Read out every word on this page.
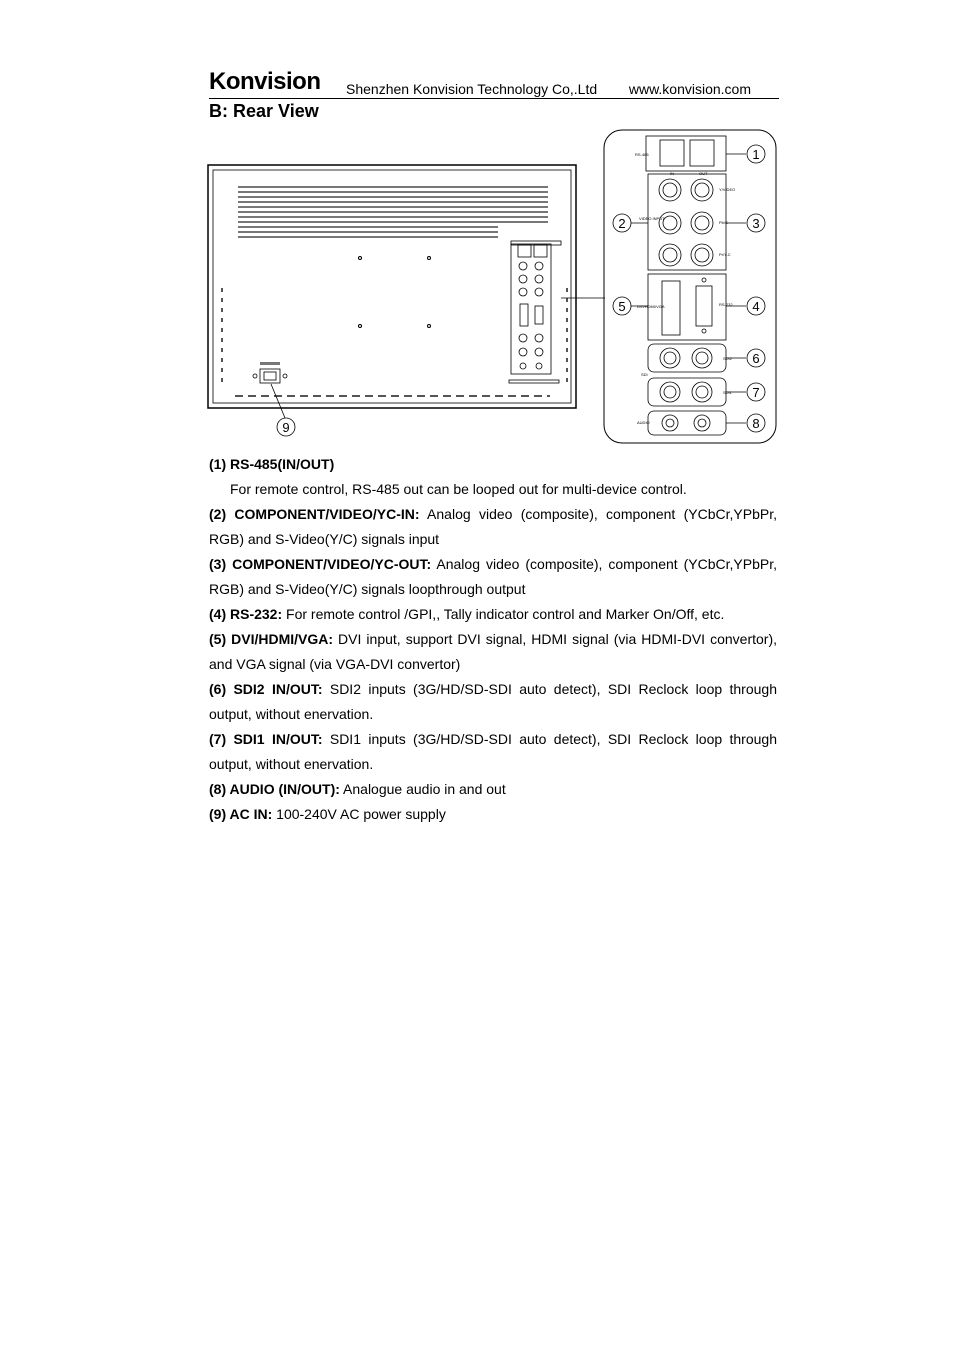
Konvision Shenzhen Konvision Technology Co,.Ltd www.konvision.com
B: Rear View
9
RS-485
IN	OUT
VIDEO INPUT
Y/VIDEO
Pb/C
Pr/Y-C
DVI/HDMI/VGA	RS-232
SDI2
SDI
SDI1
AUDIO
1
2	3
4
5
6
7
8

(1) RS-485(IN/OUT)

For remote control, RS-485 out can be looped out for multi-device control.

(2) COMPONENT/VIDEO/YC-IN: Analog video (composite), component (YCbCr,YPbPr, RGB) and S-Video(Y/C) signals input

(3) COMPONENT/VIDEO/YC-OUT: Analog video (composite), component (YCbCr,YPbPr, RGB) and S-Video(Y/C) signals loopthrough output

(4) RS-232: For remote control /GPI,, Tally indicator control and Marker On/Off, etc.

(5) DVI/HDMI/VGA: DVI input, support DVI signal, HDMI signal (via HDMI-DVI convertor), and VGA signal (via VGA-DVI convertor)

(6) SDI2 IN/OUT: SDI2 inputs (3G/HD/SD-SDI auto detect), SDI Reclock loop through output, without enervation.

(7) SDI1 IN/OUT: SDI1 inputs (3G/HD/SD-SDI auto detect), SDI Reclock loop through output, without enervation.

(8) AUDIO (IN/OUT): Analogue audio in and out

(9) AC IN: 100-240V AC power supply
